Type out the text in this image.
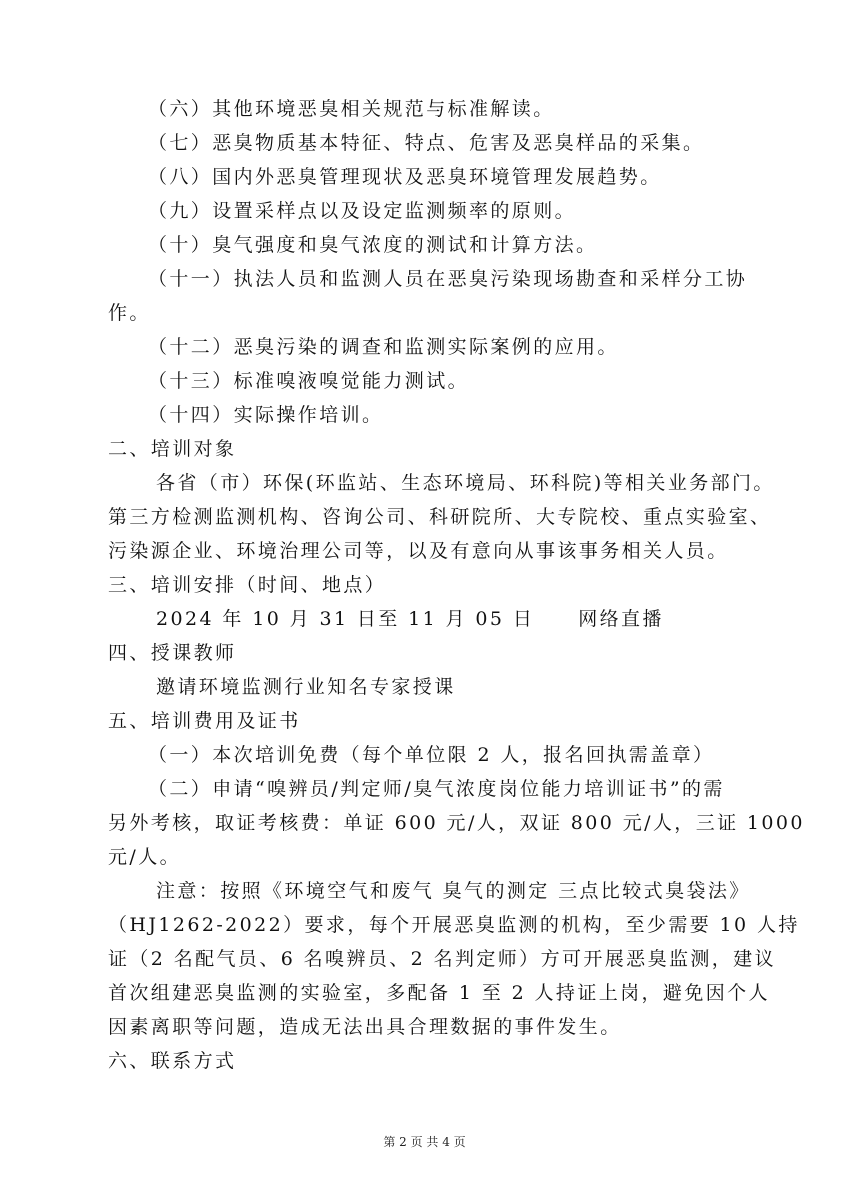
（六）其他环境恶臭相关规范与标准解读。
（七）恶臭物质基本特征、特点、危害及恶臭样品的采集。
（八）国内外恶臭管理现状及恶臭环境管理发展趋势。
（九）设置采样点以及设定监测频率的原则。
（十）臭气强度和臭气浓度的测试和计算方法。
（十一）执法人员和监测人员在恶臭污染现场勘查和采样分工协
作。
（十二）恶臭污染的调查和监测实际案例的应用。
（十三）标准嗅液嗅觉能力测试。
（十四）实际操作培训。
二、培训对象
各省（市）环保(环监站、生态环境局、环科院)等相关业务部门。
第三方检测监测机构、咨询公司、科研院所、大专院校、重点实验室、
污染源企业、环境治理公司等，以及有意向从事该事务相关人员。
三、培训安排（时间、地点）
2024 年 10 月 31 日至 11 月 05 日 网络直播
四、授课教师
邀请环境监测行业知名专家授课
五、培训费用及证书
（一）本次培训免费（每个单位限 2 人，报名回执需盖章）
（二）申请“嗅辨员/判定师/臭气浓度岗位能力培训证书”的需
另外考核，取证考核费：单证 600 元/人，双证 800 元/人，三证 1000
元/人。
注意：按照《环境空气和废气 臭气的测定 三点比较式臭袋法》
（HJ1262-2022）要求，每个开展恶臭监测的机构，至少需要 10 人持
证（2 名配气员、6 名嗅辨员、2 名判定师）方可开展恶臭监测，建议
首次组建恶臭监测的实验室，多配备 1 至 2 人持证上岗，避免因个人
因素离职等问题，造成无法出具合理数据的事件发生。
六、联系方式
第 2 页 共 4 页
